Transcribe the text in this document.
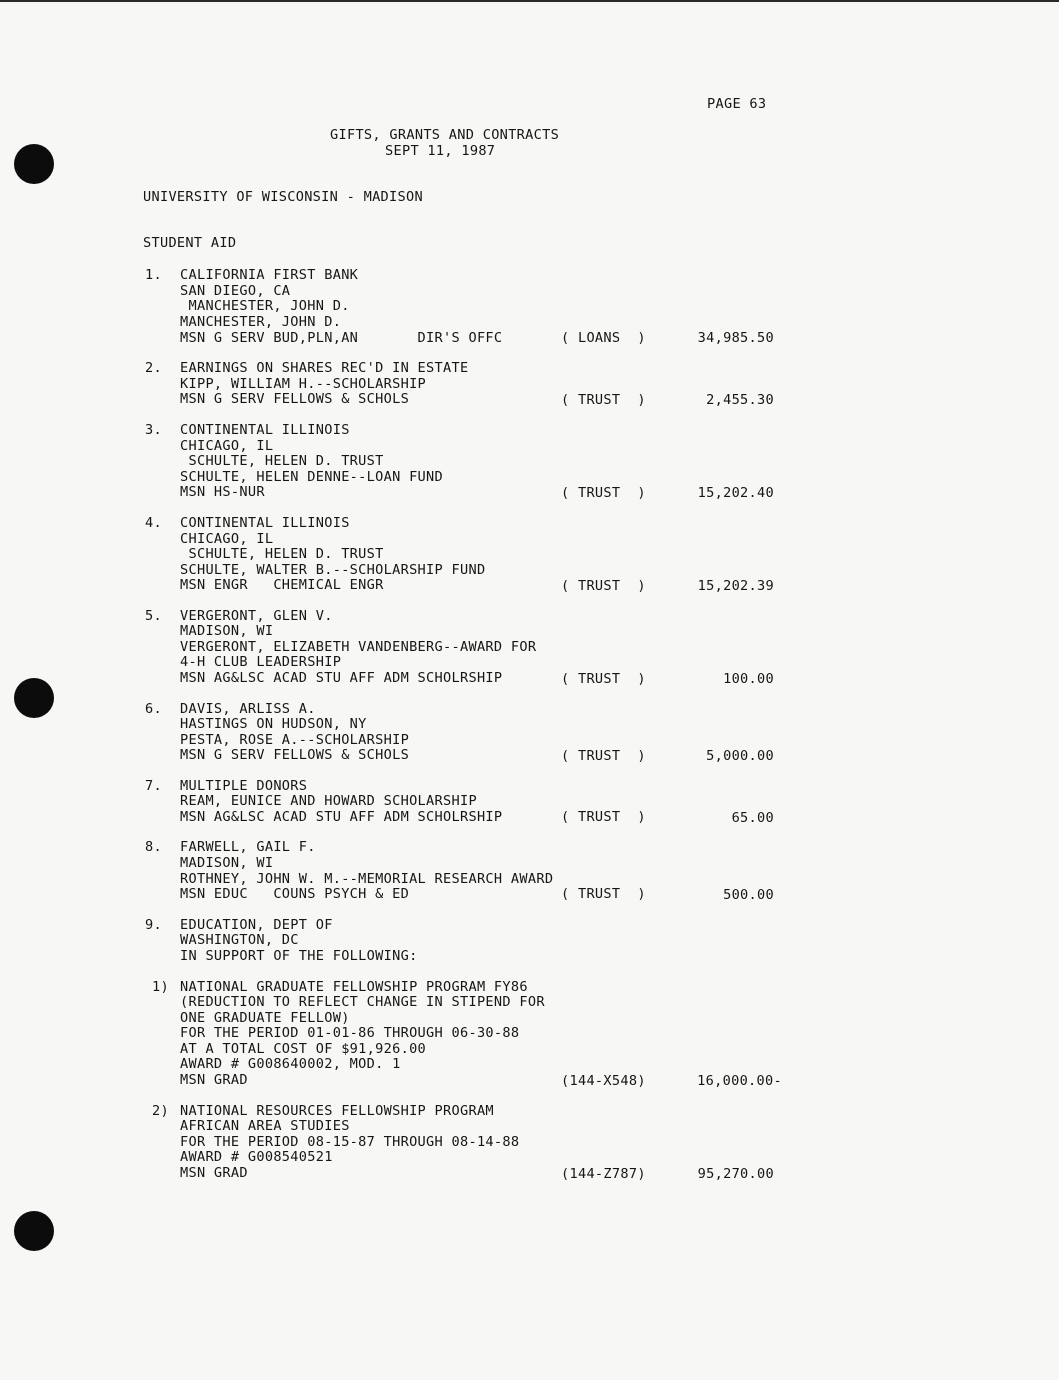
PAGE 63
GIFTS, GRANTS AND CONTRACTS
SEPT 11, 1987
UNIVERSITY OF WISCONSIN - MADISON
STUDENT AID
1. CALIFORNIA FIRST BANK
SAN DIEGO, CA
MANCHESTER, JOHN D.
MANCHESTER, JOHN D.
MSN G SERV BUD,PLN,AN       DIR'S OFFC	( LOANS  )	34,985.50
2. EARNINGS ON SHARES REC'D IN ESTATE
KIPP, WILLIAM H.--SCHOLARSHIP
MSN G SERV FELLOWS & SCHOLS	( TRUST  )	2,455.30
3. CONTINENTAL ILLINOIS
CHICAGO, IL
SCHULTE, HELEN D. TRUST
SCHULTE, HELEN DENNE--LOAN FUND
MSN HS-NUR	( TRUST  )	15,202.40
4. CONTINENTAL ILLINOIS
CHICAGO, IL
SCHULTE, HELEN D. TRUST
SCHULTE, WALTER B.--SCHOLARSHIP FUND
MSN ENGR   CHEMICAL ENGR	( TRUST  )	15,202.39
5. VERGERONT, GLEN V.
MADISON, WI
VERGERONT, ELIZABETH VANDENBERG--AWARD FOR
4-H CLUB LEADERSHIP
MSN AG&LSC ACAD STU AFF ADM SCHOLRSHIP	( TRUST  )	100.00
6. DAVIS, ARLISS A.
HASTINGS ON HUDSON, NY
PESTA, ROSE A.--SCHOLARSHIP
MSN G SERV FELLOWS & SCHOLS	( TRUST  )	5,000.00
7. MULTIPLE DONORS
REAM, EUNICE AND HOWARD SCHOLARSHIP
MSN AG&LSC ACAD STU AFF ADM SCHOLRSHIP	( TRUST  )	65.00
8. FARWELL, GAIL F.
MADISON, WI
ROTHNEY, JOHN W. M.--MEMORIAL RESEARCH AWARD
MSN EDUC   COUNS PSYCH & ED	( TRUST  )	500.00
9. EDUCATION, DEPT OF
WASHINGTON, DC
IN SUPPORT OF THE FOLLOWING:
1) NATIONAL GRADUATE FELLOWSHIP PROGRAM FY86
(REDUCTION TO REFLECT CHANGE IN STIPEND FOR
ONE GRADUATE FELLOW)
FOR THE PERIOD 01-01-86 THROUGH 06-30-88
AT A TOTAL COST OF $91,926.00
AWARD # G008640002, MOD. 1
MSN GRAD	(144-X548)	16,000.00-
2) NATIONAL RESOURCES FELLOWSHIP PROGRAM
AFRICAN AREA STUDIES
FOR THE PERIOD 08-15-87 THROUGH 08-14-88
AWARD # G008540521
MSN GRAD	(144-Z787)	95,270.00
